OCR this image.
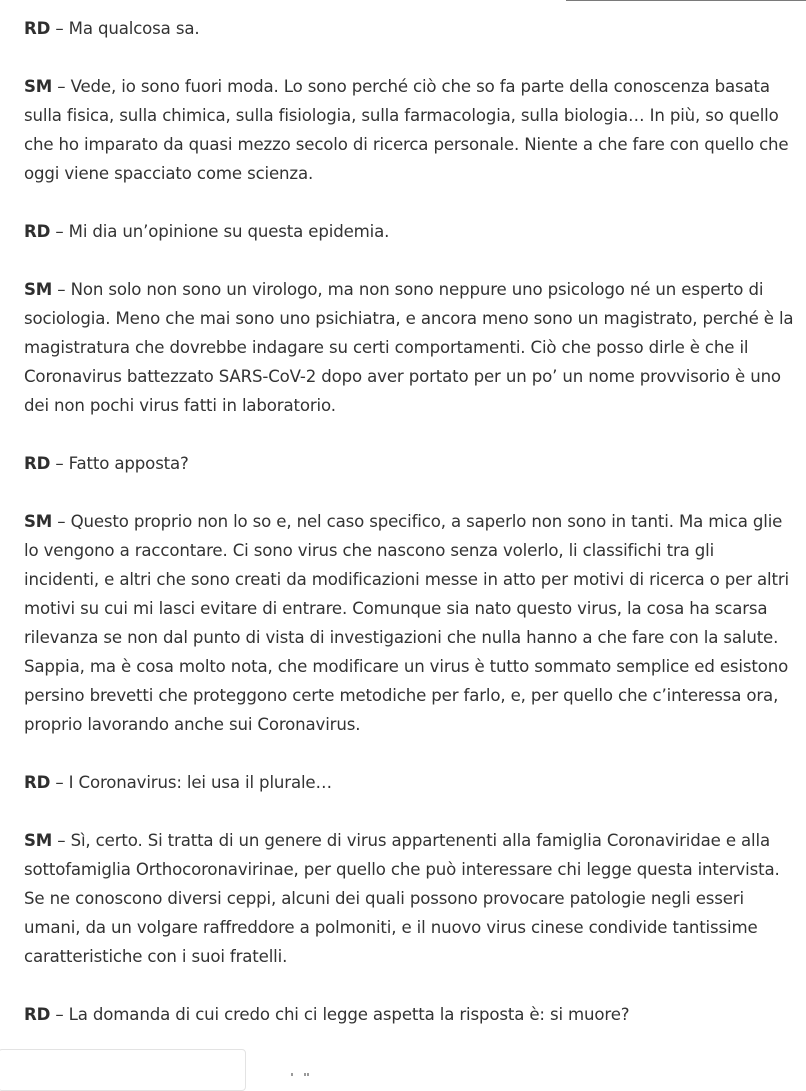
RD – Ma qualcosa sa.

SM – Vede, io sono fuori moda. Lo sono perché ciò che so fa parte della conoscenza basata sulla fisica, sulla chimica, sulla fisiologia, sulla farmacologia, sulla biologia… In più, so quello che ho imparato da quasi mezzo secolo di ricerca personale. Niente a che fare con quello che oggi viene spacciato come scienza.

RD – Mi dia un’opinione su questa epidemia.

SM – Non solo non sono un virologo, ma non sono neppure uno psicologo né un esperto di sociologia. Meno che mai sono uno psichiatra, e ancora meno sono un magistrato, perché è la magistratura che dovrebbe indagare su certi comportamenti. Ciò che posso dirle è che il Coronavirus battezzato SARS-CoV-2 dopo aver portato per un po’ un nome provvisorio è uno dei non pochi virus fatti in laboratorio.

RD – Fatto apposta?

SM – Questo proprio non lo so e, nel caso specifico, a saperlo non sono in tanti. Ma mica glie lo vengono a raccontare. Ci sono virus che nascono senza volerlo, li classifichi tra gli incidenti, e altri che sono creati da modificazioni messe in atto per motivi di ricerca o per altri motivi su cui mi lasci evitare di entrare. Comunque sia nato questo virus, la cosa ha scarsa rilevanza se non dal punto di vista di investigazioni che nulla hanno a che fare con la salute. Sappia, ma è cosa molto nota, che modificare un virus è tutto sommato semplice ed esistono persino brevetti che proteggono certe metodiche per farlo, e, per quello che c’interessa ora, proprio lavorando anche sui Coronavirus.

RD – I Coronavirus: lei usa il plurale…

SM – Sì, certo. Si tratta di un genere di virus appartenenti alla famiglia Coronaviridae e alla sottofamiglia Orthocoronavirinae, per quello che può interessare chi legge questa intervista. Se ne conoscono diversi ceppi, alcuni dei quali possono provocare patologie negli esseri umani, da un volgare raffreddore a polmoniti, e il nuovo virus cinese condivide tantissime caratteristiche con i suoi fratelli.

RD – La domanda di cui credo chi ci legge aspetta la risposta è: si muore?
